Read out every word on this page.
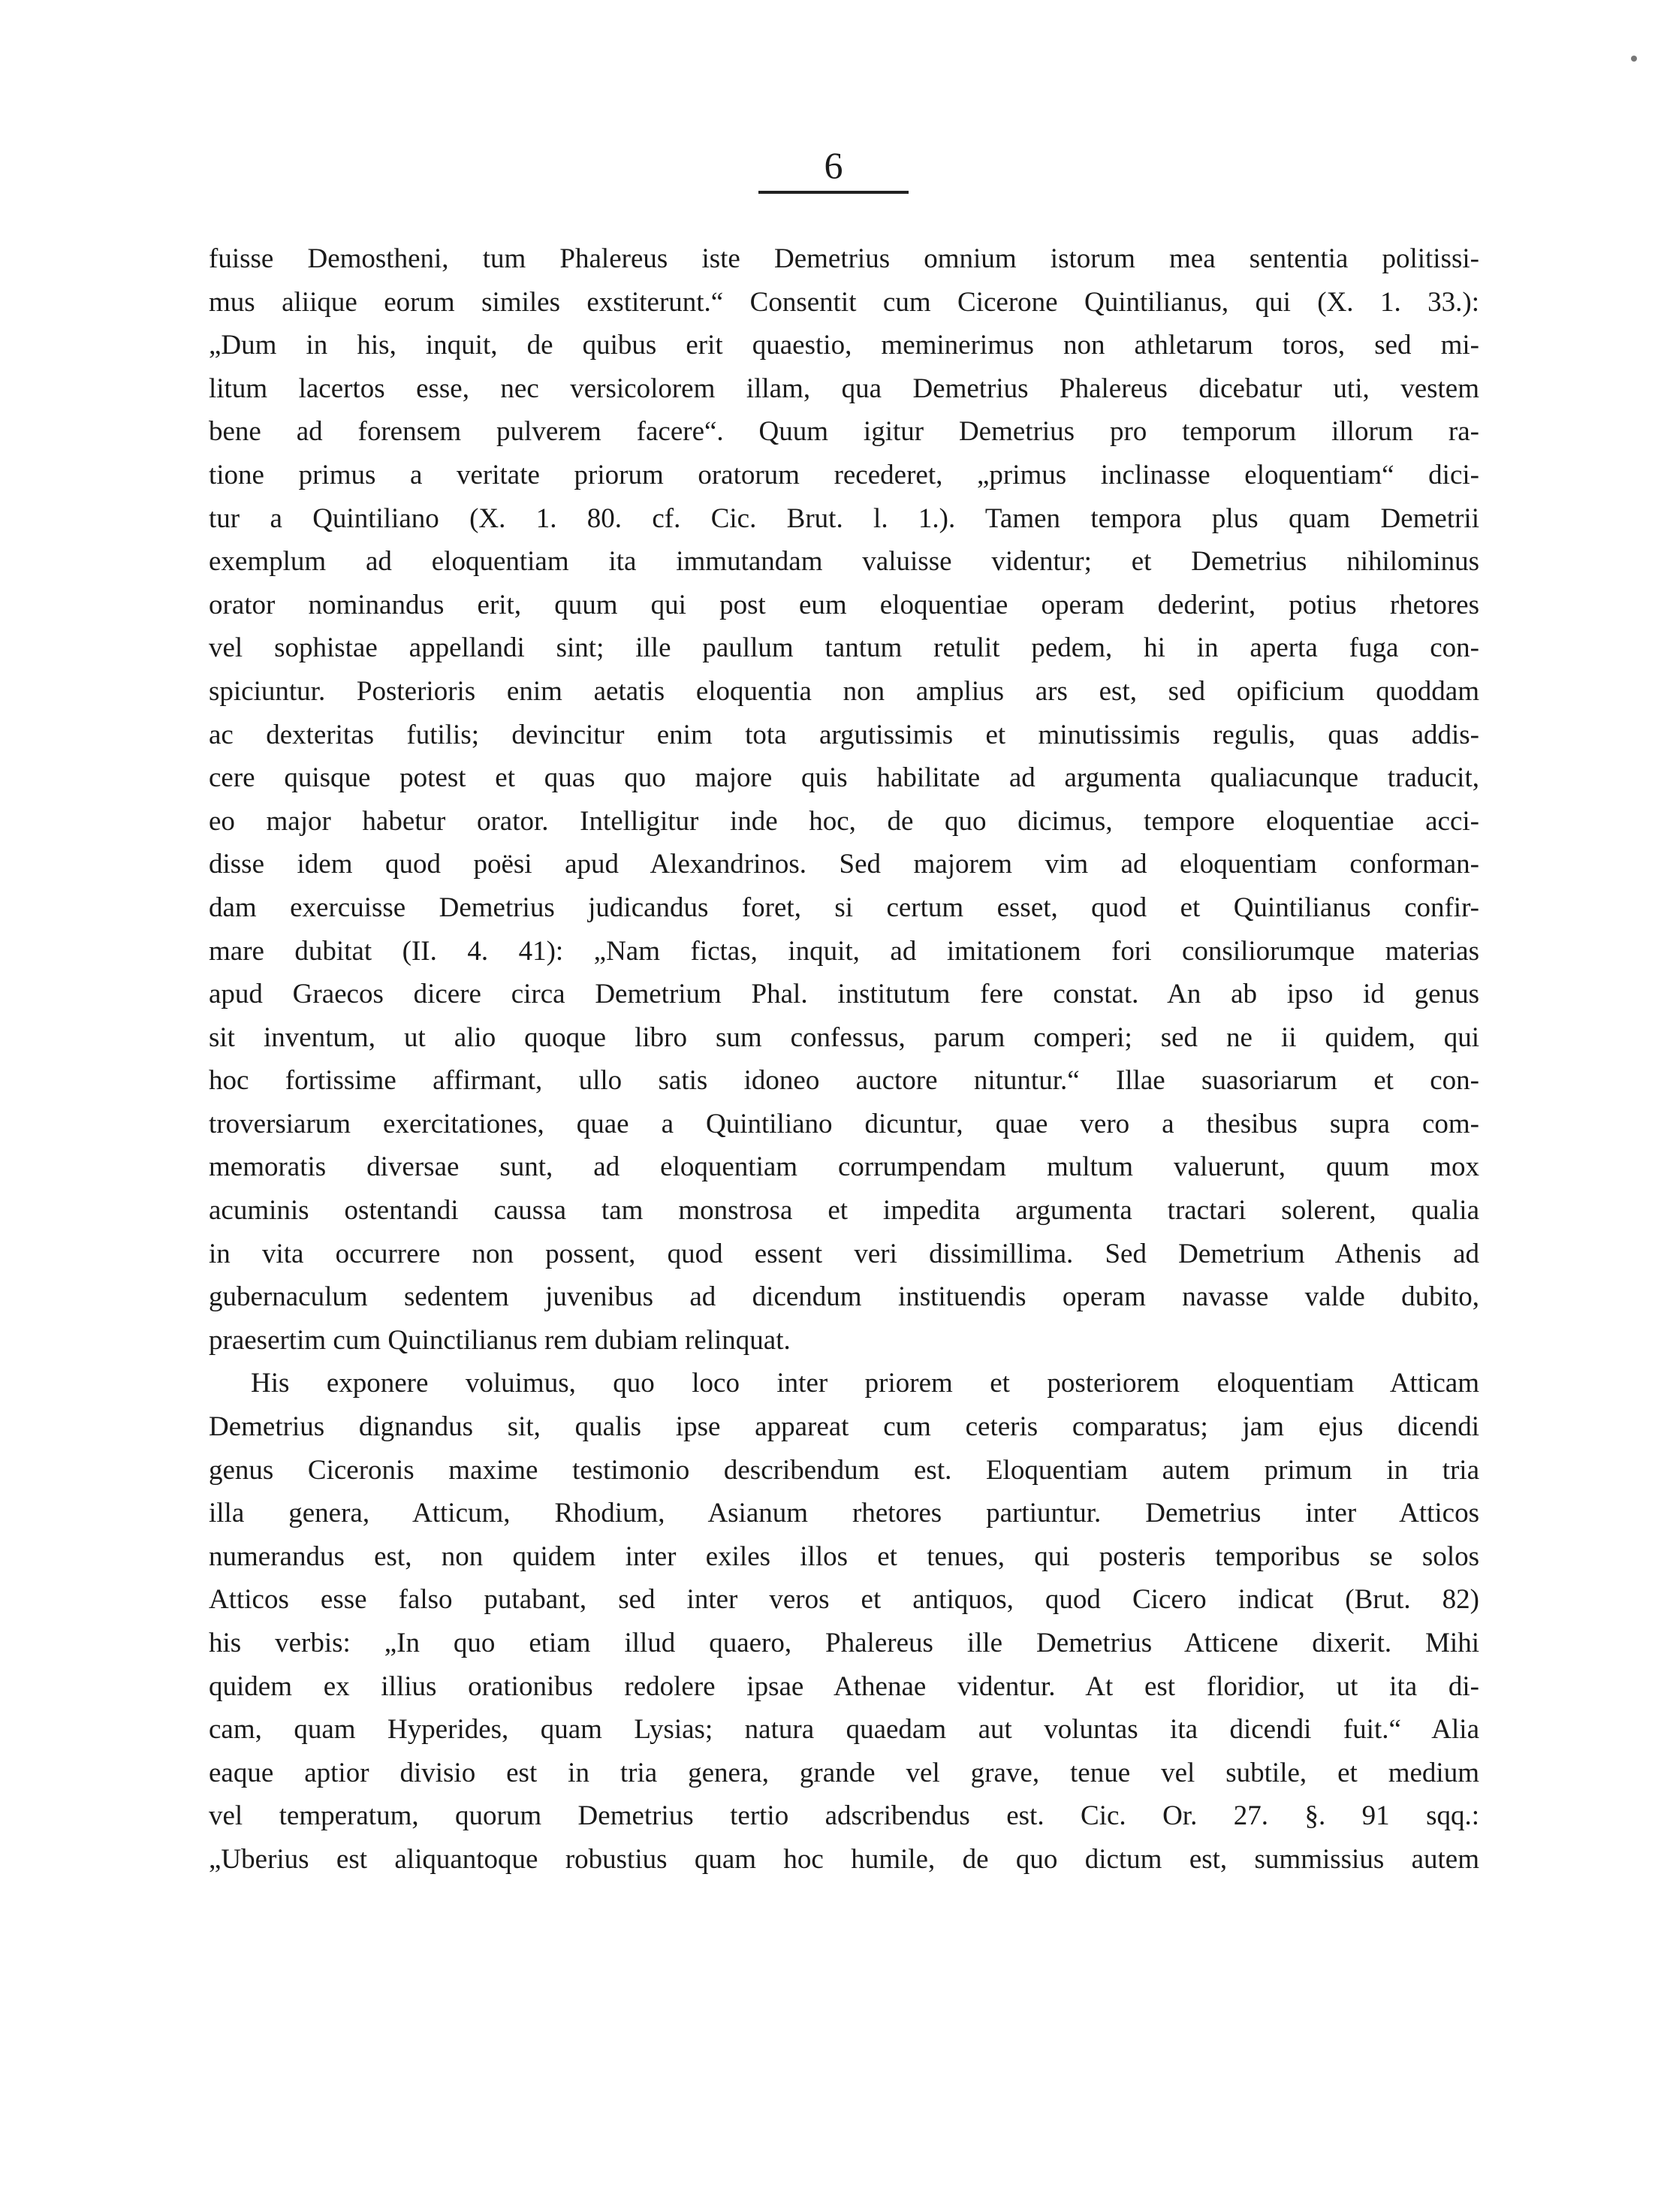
6
fuisse Demostheni, tum Phalereus iste Demetrius omnium istorum mea sententia politissi-
mus aliique eorum similes exstiterunt.“ Consentit cum Cicerone Quintilianus, qui (X. 1. 33.):
„Dum in his, inquit, de quibus erit quaestio, meminerimus non athletarum toros, sed mi-
litum lacertos esse, nec versicolorem illam, qua Demetrius Phalereus dicebatur uti, vestem
bene ad forensem pulverem facere“. Quum igitur Demetrius pro temporum illorum ra-
tione primus a veritate priorum oratorum recederet, „primus inclinasse eloquentiam“ dici-
tur a Quintiliano (X. 1. 80. cf. Cic. Brut. l. 1.). Tamen tempora plus quam Demetrii
exemplum ad eloquentiam ita immutandam valuisse videntur; et Demetrius nihilominus
orator nominandus erit, quum qui post eum eloquentiae operam dederint, potius rhetores
vel sophistae appellandi sint; ille paullum tantum retulit pedem, hi in aperta fuga con-
spiciuntur. Posterioris enim aetatis eloquentia non amplius ars est, sed opificium quoddam
ac dexteritas futilis; devincitur enim tota argutissimis et minutissimis regulis, quas addis-
cere quisque potest et quas quo majore quis habilitate ad argumenta qualiacunque traducit,
eo major habetur orator. Intelligitur inde hoc, de quo dicimus, tempore eloquentiae acci-
disse idem quod poësi apud Alexandrinos. Sed majorem vim ad eloquentiam conforman-
dam exercuisse Demetrius judicandus foret, si certum esset, quod et Quintilianus confir-
mare dubitat (II. 4. 41): „Nam fictas, inquit, ad imitationem fori consiliorumque materias
apud Graecos dicere circa Demetrium Phal. institutum fere constat. An ab ipso id genus
sit inventum, ut alio quoque libro sum confessus, parum comperi; sed ne ii quidem, qui
hoc fortissime affirmant, ullo satis idoneo auctore nituntur.“ Illae suasoriarum et con-
troversiarum exercitationes, quae a Quintiliano dicuntur, quae vero a thesibus supra com-
memoratis diversae sunt, ad eloquentiam corrumpendam multum valuerunt, quum mox
acuminis ostentandi caussa tam monstrosa et impedita argumenta tractari solerent, qualia
in vita occurrere non possent, quod essent veri dissimillima. Sed Demetrium Athenis ad
gubernaculum sedentem juvenibus ad dicendum instituendis operam navasse valde dubito,
praesertim cum Quinctilianus rem dubiam relinquat.
His exponere voluimus, quo loco inter priorem et posteriorem eloquentiam Atticam
Demetrius dignandus sit, qualis ipse appareat cum ceteris comparatus; jam ejus dicendi
genus Ciceronis maxime testimonio describendum est. Eloquentiam autem primum in tria
illa genera, Atticum, Rhodium, Asianum rhetores partiuntur. Demetrius inter Atticos
numerandus est, non quidem inter exiles illos et tenues, qui posteris temporibus se solos
Atticos esse falso putabant, sed inter veros et antiquos, quod Cicero indicat (Brut. 82)
his verbis: „In quo etiam illud quaero, Phalereus ille Demetrius Atticene dixerit. Mihi
quidem ex illius orationibus redolere ipsae Athenae videntur. At est floridior, ut ita di-
cam, quam Hyperides, quam Lysias; natura quaedam aut voluntas ita dicendi fuit.“ Alia
eaque aptior divisio est in tria genera, grande vel grave, tenue vel subtile, et medium
vel temperatum, quorum Demetrius tertio adscribendus est. Cic. Or. 27. §. 91 sqq.:
„Uberius est aliquantoque robustius quam hoc humile, de quo dictum est, summissius autem
